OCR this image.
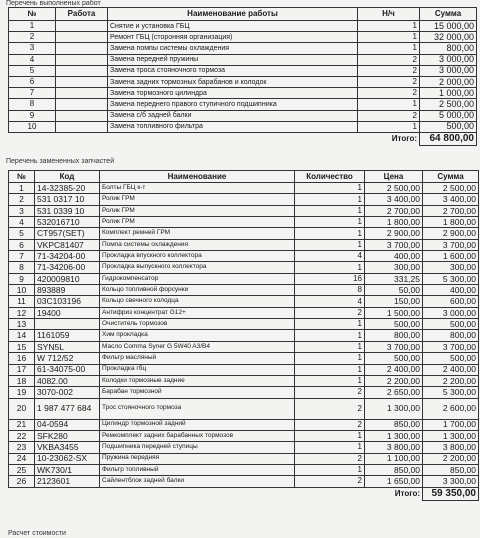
Перечень выполненых работ
№	Работа	Наименование работы	Н/ч	Сумма
1		Снятие и установка ГБЦ	1	15 000,00
2		Ремонт ГБЦ (сторонняя организация)	1	32 000,00
3		Замена помпы системы охлаждения	1	800,00
4		Замена передней пружины	2	3 000,00
5		Замена троса стояночного тормоза	2	3 000,00
6		Замена задних тормозных барабанов и колодок	2	2 000,00
7		Замена тормозного цилиндра	2	1 000,00
8		Замена переднего правого ступичного подшипника	1	2 500,00
9		Замена с/б задней балки	2	5 000,00
10		Замена топливного фильтра	1	500,00
			Итого:	64 800,00
Перечень замененных запчастей
№	Код	Наименование	Количество	Цена	Сумма
1	14-32385-20	Болты ГБЦ к-т	1	2 500,00	2 500,00
2	531 0317 10	Ролик ГРМ	1	3 400,00	3 400,00
3	531 0339 10	Ролик ГРМ	1	2 700,00	2 700,00
4	532016710	Ролик ГРМ	1	1 800,00	1 800,00
5	CT957(SET)	Комплект ремней ГРМ	1	2 900,00	2 900,00
6	VKPC81407	Помпа системы охлаждения	1	3 700,00	3 700,00
7	71-34204-00	Прокладка впускного коллектора	4	400,00	1 600,00
8	71-34206-00	Прокладка выпускного коллектора	1	300,00	300,00
9	420009810	Гидрокомпенсатор	16	331,25	5 300,00
10	893889	Кольцо топливной форсунки	8	50,00	400,00
11	03C103196	Кольцо свечного колодца	4	150,00	600,00
12	19400	Антифриз концентрат G12+	2	1 500,00	3 000,00
13		Очиститель тормозов	1	500,00	500,00
14	1161059	Хим прокладка	1	800,00	800,00
15	SYN5L	Масло Comma Syner G 5W40 A3/B4	1	3 700,00	3 700,00
16	W 712/52	Фильтр масляный	1	500,00	500,00
17	61-34075-00	Прокладка гбц	1	2 400,00	2 400,00
18	4082.00	Колодки тормозные задние	1	2 200,00	2 200,00
19	3070-002	Барабан тормозной	2	2 650,00	5 300,00
20	1 987 477 684	Трос стояночного тормоза	2	1 300,00	2 600,00
21	04-0594	Цилиндр тормозной задний	2	850,00	1 700,00
22	SFK280	Ремкомплект задних барабанных тормозов	1	1 300,00	1 300,00
23	VKBA3455	Подшипника передней ступицы	1	3 800,00	3 800,00
24	10-23062-SX	Пружина передняя	2	1 100,00	2 200,00
25	WK730/1	Фильтр топливный	1	850,00	850,00
26	2123601	Сайлентблок задней балки	2	1 650,00	3 300,00
				Итого:	59 350,00
Расчет стоимости
